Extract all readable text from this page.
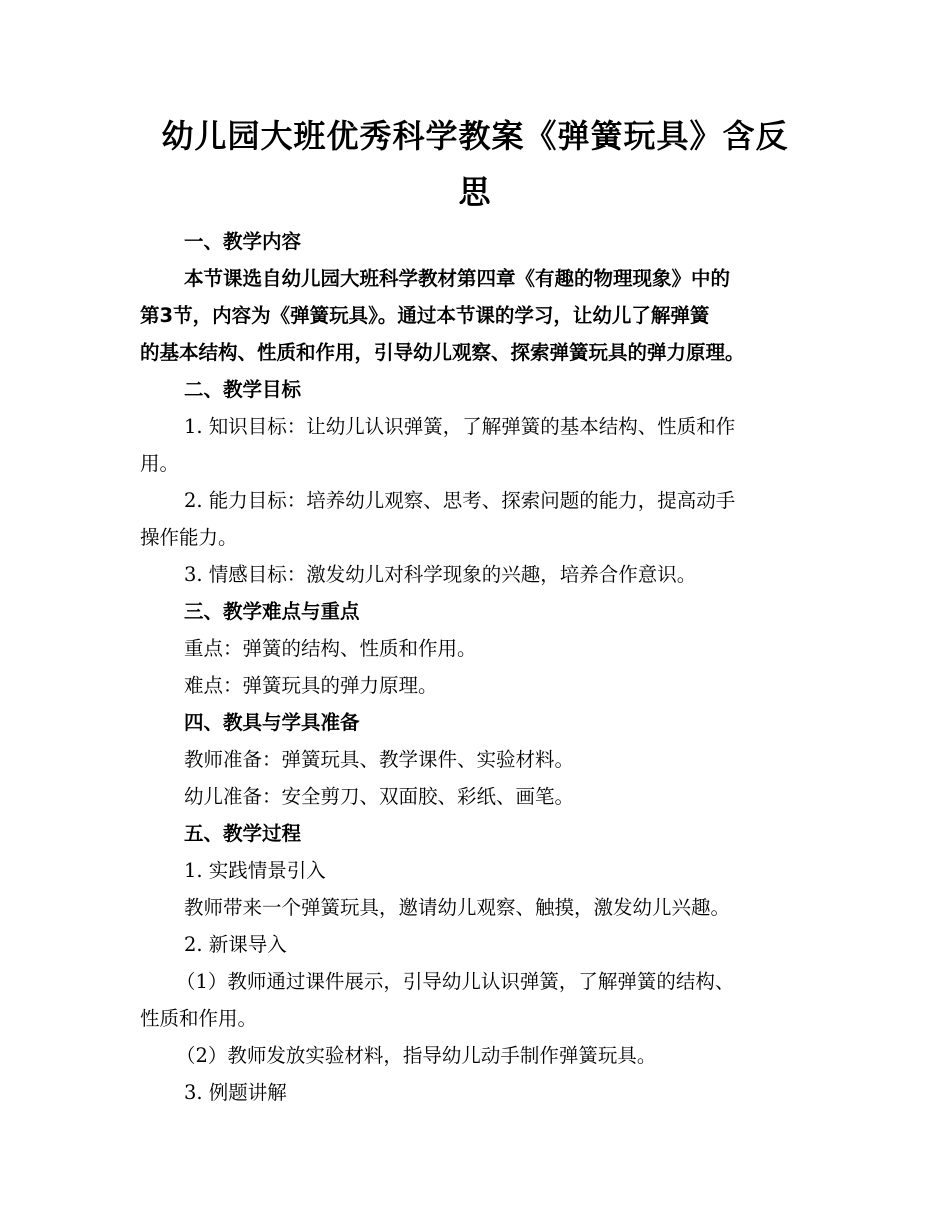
幼儿园大班优秀科学教案《弹簧玩具》含反
思

一、教学内容

本节课选自幼儿园大班科学教材第四章《有趣的物理现象》中的

第3节，内容为《弹簧玩具》。通过本节课的学习，让幼儿了解弹簧

的基本结构、性质和作用，引导幼儿观察、探索弹簧玩具的弹力原理。

二、教学目标

1. 知识目标：让幼儿认识弹簧，了解弹簧的基本结构、性质和作

用。

2. 能力目标：培养幼儿观察、思考、探索问题的能力，提高动手

操作能力。

3. 情感目标：激发幼儿对科学现象的兴趣，培养合作意识。

三、教学难点与重点

重点：弹簧的结构、性质和作用。

难点：弹簧玩具的弹力原理。

四、教具与学具准备

教师准备：弹簧玩具、教学课件、实验材料。

幼儿准备：安全剪刀、双面胶、彩纸、画笔。

五、教学过程

1. 实践情景引入

教师带来一个弹簧玩具，邀请幼儿观察、触摸，激发幼儿兴趣。

2. 新课导入

（1）教师通过课件展示，引导幼儿认识弹簧，了解弹簧的结构、

性质和作用。

（2）教师发放实验材料，指导幼儿动手制作弹簧玩具。

3. 例题讲解
